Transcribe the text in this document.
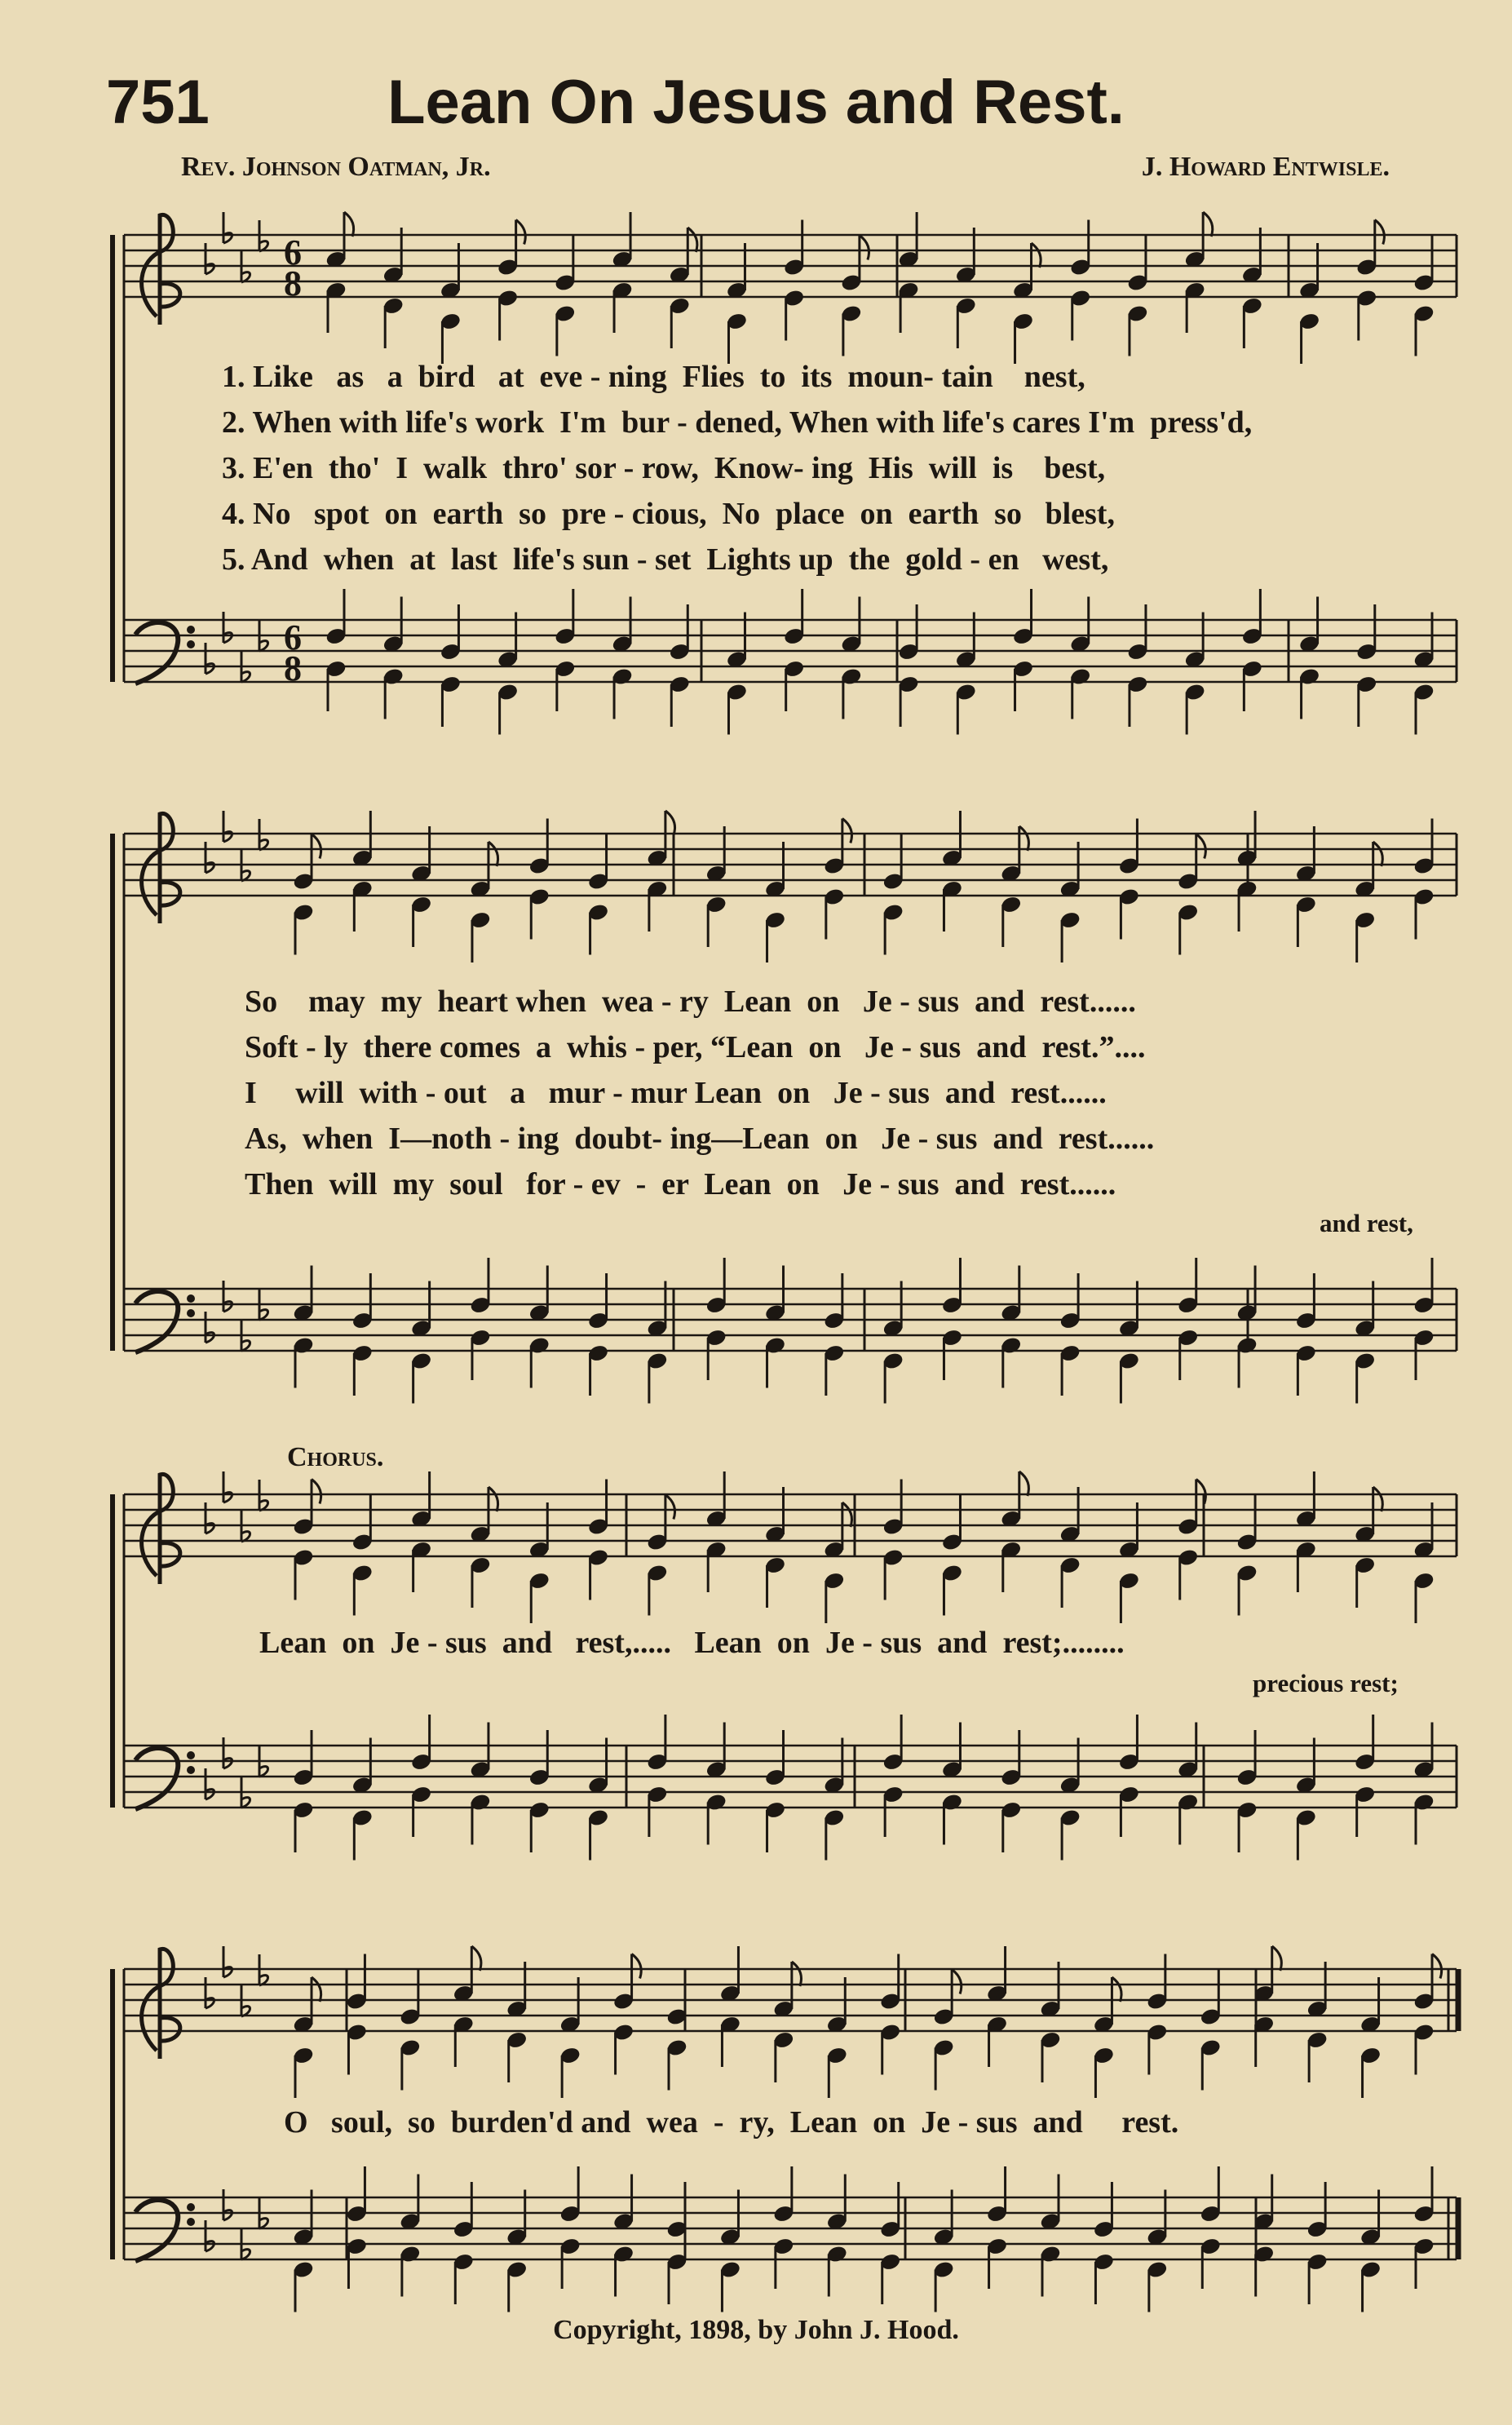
751	Lean On Jesus and Rest.
Rev. Johnson Oatman, Jr.	J. Howard Entwisle.
6
8
6
8
1. Like   as   a  bird   at  eve - ning  Flies  to  its  moun- tain    nest,
2. When with life's work  I'm  bur - dened, When with life's cares I'm  press'd,
3. E'en  tho'  I  walk  thro' sor - row,  Know- ing  His  will  is    best,
4. No   spot  on  earth  so  pre - cious,  No  place  on  earth  so   blest,
5. And  when  at  last  life's sun - set  Lights up  the  gold - en   west,
So    may  my  heart when  wea - ry  Lean  on   Je - sus  and  rest......
Soft - ly  there comes  a  whis - per, “Lean  on   Je - sus  and  rest.”....
I     will  with - out   a   mur - mur Lean  on   Je - sus  and  rest......
As,  when  I—noth - ing  doubt- ing—Lean  on   Je - sus  and  rest......
Then  will  my  soul   for - ev  -  er  Lean  on   Je - sus  and  rest......
and rest,
Chorus.
Lean  on  Je - sus  and   rest,.....   Lean  on  Je - sus  and  rest;........
precious rest;
O   soul,  so  burden'd and  wea  -  ry,  Lean  on  Je - sus  and     rest.
Copyright, 1898, by John J. Hood.
